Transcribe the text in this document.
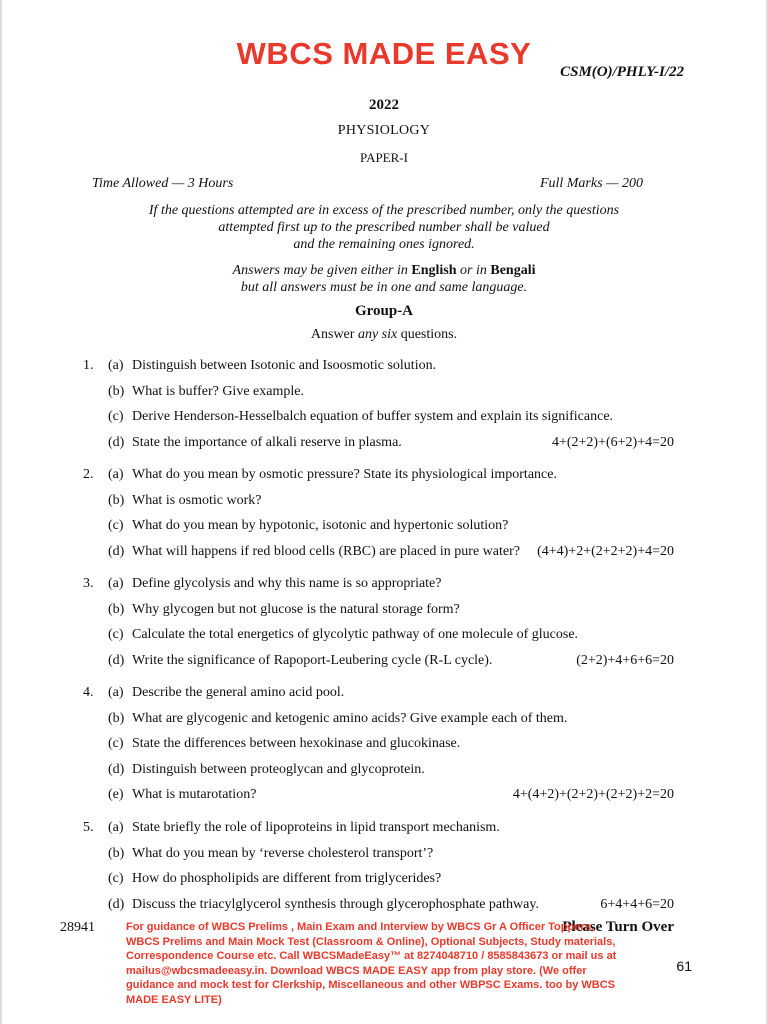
WBCS MADE EASY
CSM(O)/PHLY-I/22
2022
PHYSIOLOGY
PAPER-I
Time Allowed — 3 Hours	Full Marks — 200
If the questions attempted are in excess of the prescribed number, only the questions
attempted first up to the prescribed number shall be valued
and the remaining ones ignored.
Answers may be given either in English or in Bengali
but all answers must be in one and same language.
Group-A
Answer any six questions.
1. (a) Distinguish between Isotonic and Isoosmotic solution.
(b) What is buffer? Give example.
(c) Derive Henderson-Hesselbalch equation of buffer system and explain its significance.
(d) State the importance of alkali reserve in plasma.	4+(2+2)+(6+2)+4=20
2. (a) What do you mean by osmotic pressure? State its physiological importance.
(b) What is osmotic work?
(c) What do you mean by hypotonic, isotonic and hypertonic solution?
(d) What will happens if red blood cells (RBC) are placed in pure water? (4+4)+2+(2+2+2)+4=20
3. (a) Define glycolysis and why this name is so appropriate?
(b) Why glycogen but not glucose is the natural storage form?
(c) Calculate the total energetics of glycolytic pathway of one molecule of glucose.
(d) Write the significance of Rapoport-Leubering cycle (R-L cycle).	(2+2)+4+6+6=20
4. (a) Describe the general amino acid pool.
(b) What are glycogenic and ketogenic amino acids? Give example each of them.
(c) State the differences between hexokinase and glucokinase.
(d) Distinguish between proteoglycan and glycoprotein.
(e) What is mutarotation?	4+(4+2)+(2+2)+(2+2)+2=20
5. (a) State briefly the role of lipoproteins in lipid transport mechanism.
(b) What do you mean by ‘reverse cholesterol transport’?
(c) How do phospholipids are different from triglycerides?
(d) Discuss the triacylglycerol synthesis through glycerophosphate pathway.	6+4+4+6=20
28941	Please Turn Over
For guidance of WBCS Prelims , Main Exam and Interview by WBCS Gr A Officer Toppers, WBCS Prelims and Main Mock Test (Classroom & Online), Optional Subjects, Study materials, Correspondence Course etc. Call WBCSMadeEasy™ at 8274048710 / 8585843673 or mail us at mailus@wbcsmadeeasy.in. Download WBCS MADE EASY app from play store. (We offer guidance and mock test for Clerkship, Miscellaneous and other WBPSC Exams. too by WBCS MADE EASY LITE)
61
